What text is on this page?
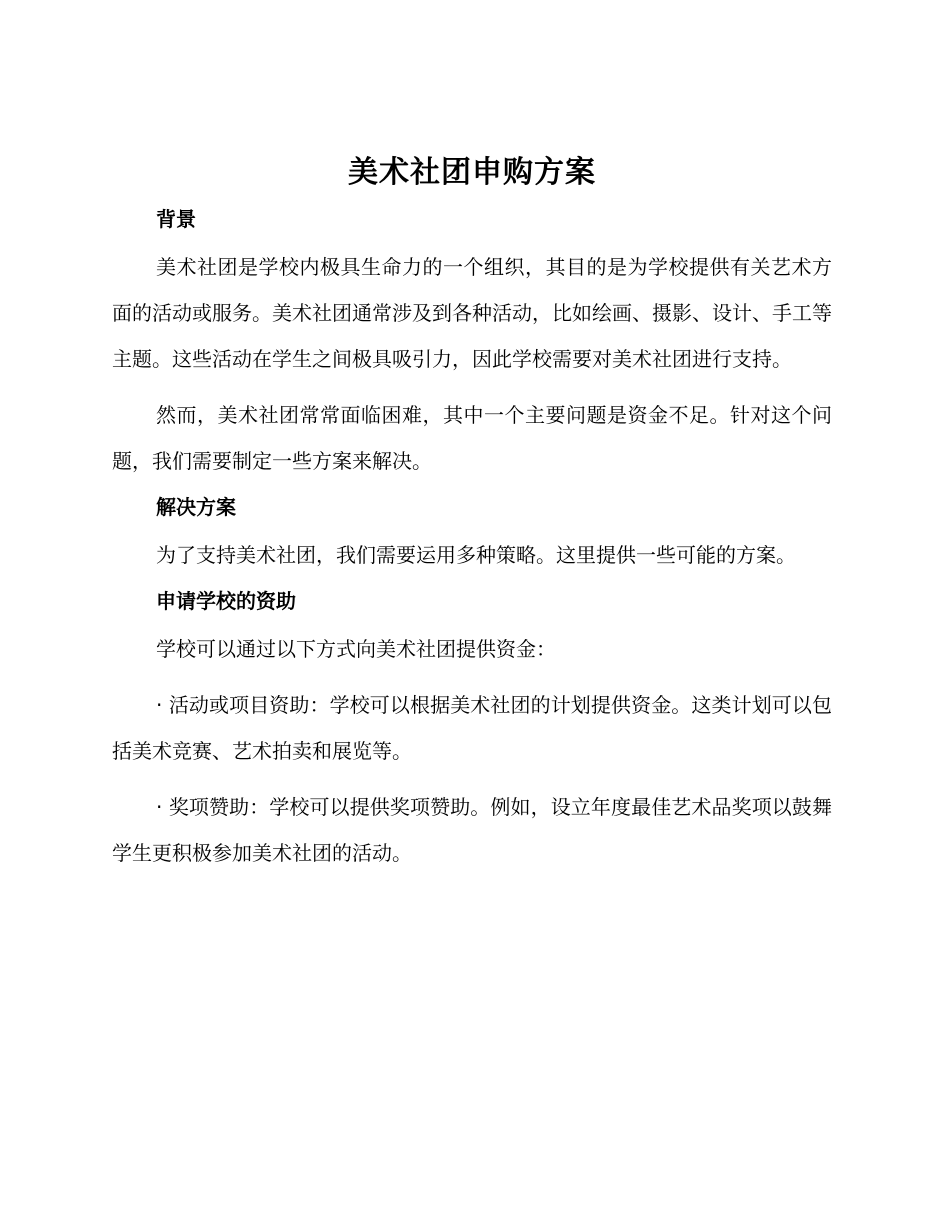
美术社团申购方案
背景

美术社团是学校内极具生命力的一个组织，其目的是为学校提供有关艺术方面的活动或服务。美术社团通常涉及到各种活动，比如绘画、摄影、设计、手工等主题。这些活动在学生之间极具吸引力，因此学校需要对美术社团进行支持。

然而，美术社团常常面临困难，其中一个主要问题是资金不足。针对这个问题，我们需要制定一些方案来解决。

解决方案

为了支持美术社团，我们需要运用多种策略。这里提供一些可能的方案。

申请学校的资助

学校可以通过以下方式向美术社团提供资金：

· 活动或项目资助：学校可以根据美术社团的计划提供资金。这类计划可以包括美术竞赛、艺术拍卖和展览等。

· 奖项赞助：学校可以提供奖项赞助。例如，设立年度最佳艺术品奖项以鼓舞学生更积极参加美术社团的活动。
